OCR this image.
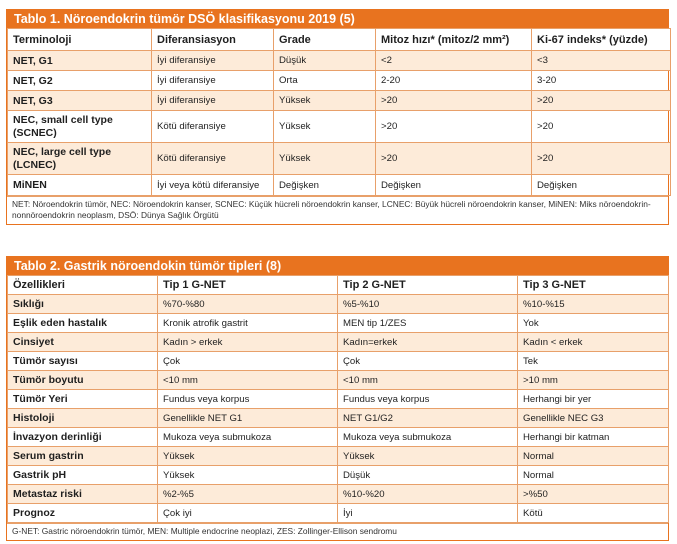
Tablo 1. Nöroendokrin tümör DSÖ klasifikasyonu 2019 (5)
Terminoloji	Diferansiasyon	Grade	Mitoz hızı* (mitoz/2 mm²)	Ki-67 indeks* (yüzde)
NET, G1	İyi diferansiye	Düşük	<2	<3
NET, G2	İyi diferansiye	Orta	2-20	3-20
NET, G3	İyi diferansiye	Yüksek	>20	>20
NEC, small cell type (SCNEC)	Kötü diferansiye	Yüksek	>20	>20
NEC, large cell type (LCNEC)	Kötü diferansiye	Yüksek	>20	>20
MiNEN	İyi veya kötü diferansiye	Değişken	Değişken	Değişken
NET: Nöroendokrin tümör, NEC: Nöroendokrin kanser, SCNEC: Küçük hücreli nöroendokrin kanser, LCNEC: Büyük hücreli nöroendokrin kanser, MiNEN: Miks nöroendokrin-nonnöroendokrin neoplasm, DSÖ: Dünya Sağlık Örgütü
Tablo 2. Gastrik nöroendokin tümör tipleri (8)
Özellikleri	Tip 1 G-NET	Tip 2 G-NET	Tip 3 G-NET
Sıklığı	%70-%80	%5-%10	%10-%15
Eşlik eden hastalık	Kronik atrofik gastrit	MEN tip 1/ZES	Yok
Cinsiyet	Kadın > erkek	Kadın=erkek	Kadın < erkek
Tümör sayısı	Çok	Çok	Tek
Tümör boyutu	<10 mm	<10 mm	>10 mm
Tümör Yeri	Fundus veya korpus	Fundus veya korpus	Herhangi bir yer
Histoloji	Genellikle NET G1	NET G1/G2	Genellikle NEC G3
İnvazyon derinliği	Mukoza veya submukoza	Mukoza veya submukoza	Herhangi bir katman
Serum gastrin	Yüksek	Yüksek	Normal
Gastrik pH	Yüksek	Düşük	Normal
Metastaz riski	%2-%5	%10-%20	>%50
Prognoz	Çok iyi	İyi	Kötü
G-NET: Gastric nöroendokrin tümör, MEN: Multiple endocrine neoplazi, ZES: Zollinger-Ellison sendromu
